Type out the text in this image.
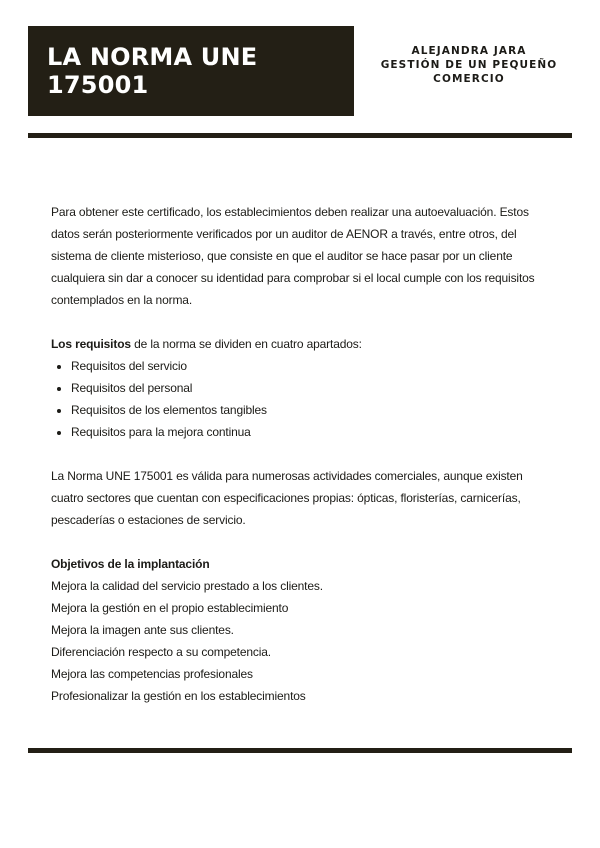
LA NORMA UNE 175001
ALEJANDRA JARA
GESTIÓN DE UN PEQUEÑO
COMERCIO

Para obtener este certificado, los establecimientos deben realizar una autoevaluación. Estos datos serán posteriormente verificados por un auditor de AENOR a través, entre otros, del sistema de cliente misterioso, que consiste en que el auditor se hace pasar por un cliente cualquiera sin dar a conocer su identidad para comprobar si el local cumple con los requisitos contemplados en la norma.

Los requisitos de la norma se dividen en cuatro apartados:

• Requisitos del servicio
• Requisitos del personal
• Requisitos de los elementos tangibles
• Requisitos para la mejora continua

La Norma UNE 175001 es válida para numerosas actividades comerciales, aunque existen cuatro sectores que cuentan con especificaciones propias: ópticas, floristerías, carnicerías, pescaderías o estaciones de servicio.

Objetivos de la implantación

Mejora la calidad del servicio prestado a los clientes.
Mejora la gestión en el propio establecimiento
Mejora la imagen ante sus clientes.
Diferenciación respecto a su competencia.
Mejora las competencias profesionales
Profesionalizar la gestión en los establecimientos
